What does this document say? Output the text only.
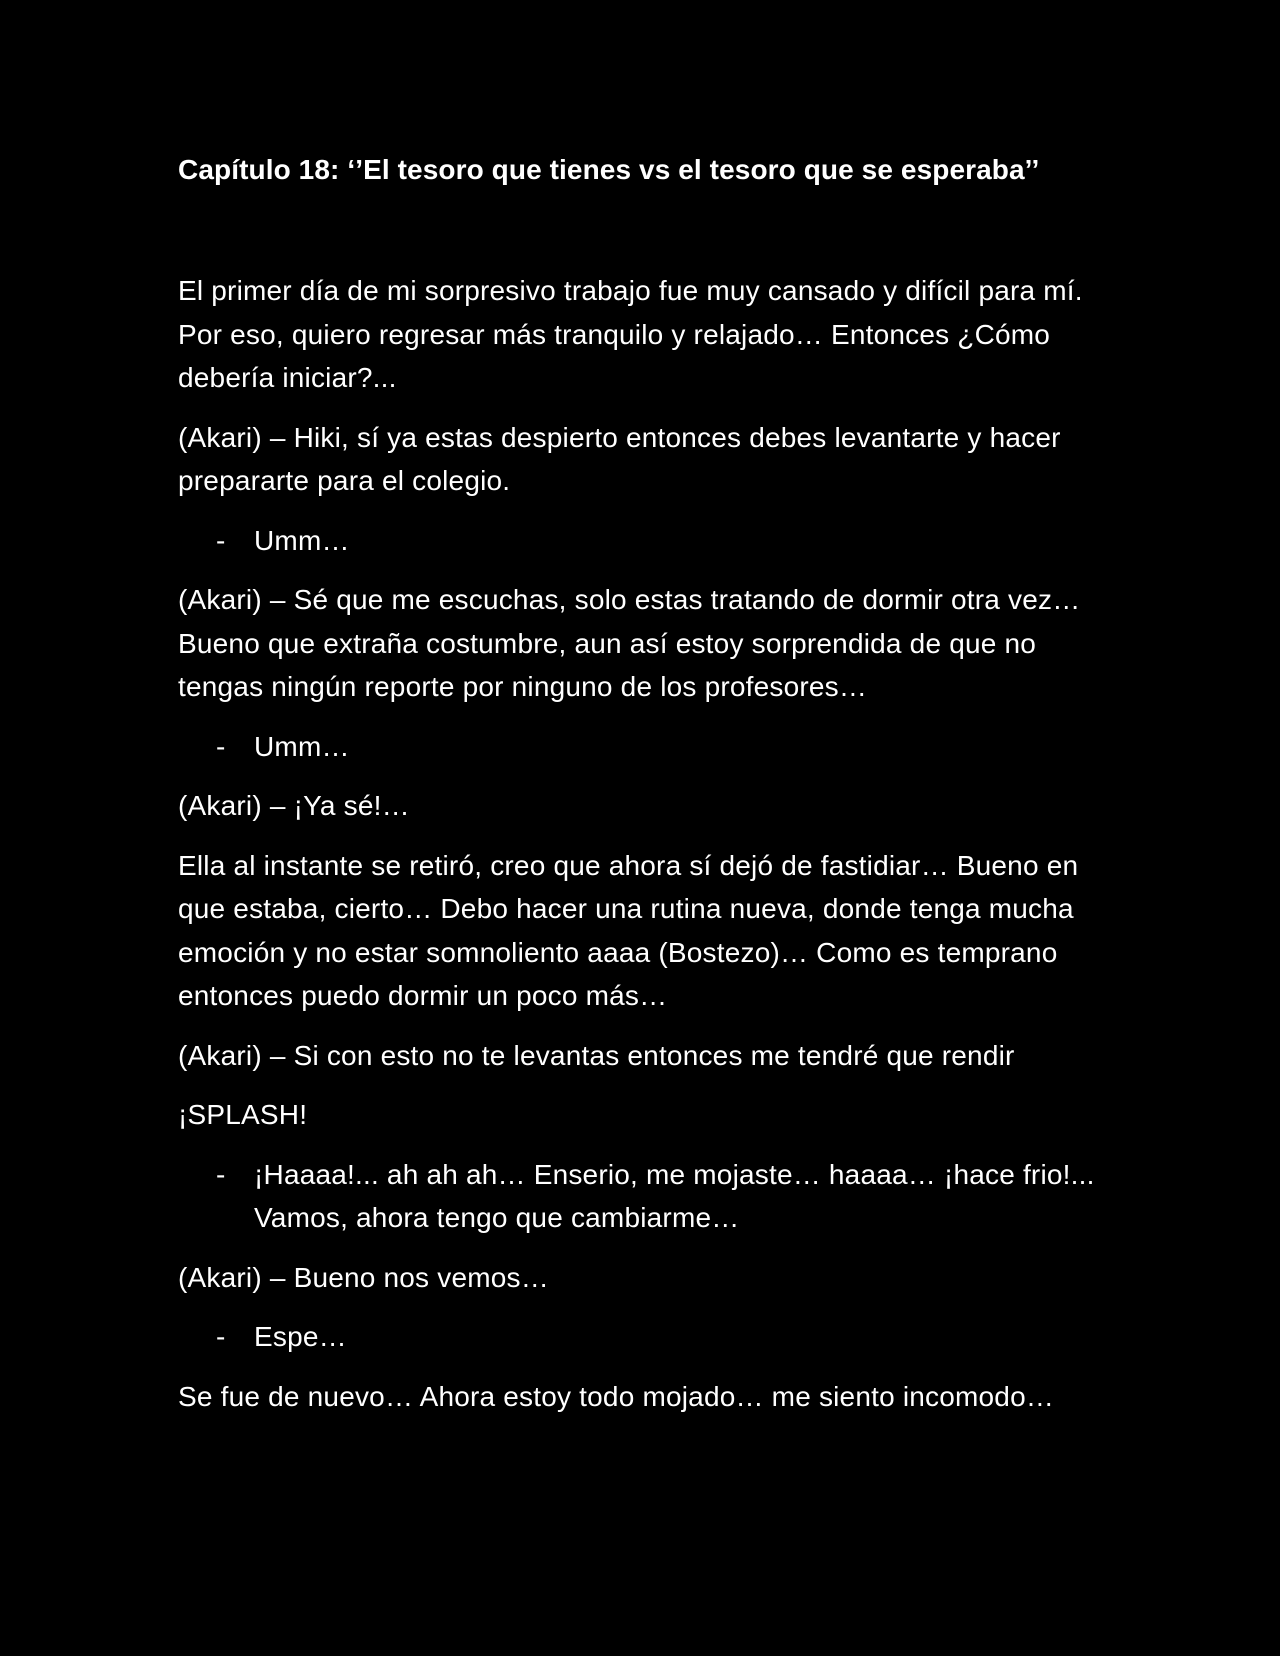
Capítulo 18: ‘’El tesoro que tienes vs el tesoro que se esperaba’’

El primer día de mi sorpresivo trabajo fue muy cansado y difícil para mí. Por eso, quiero regresar más tranquilo y relajado… Entonces ¿Cómo debería iniciar?...

(Akari) – Hiki, sí ya estas despierto entonces debes levantarte y hacer prepararte para el colegio.

-	Umm…

(Akari) – Sé que me escuchas, solo estas tratando de dormir otra vez… Bueno que extraña costumbre, aun así estoy sorprendida de que no tengas ningún reporte por ninguno de los profesores…

-	Umm…

(Akari) – ¡Ya sé!…

Ella al instante se retiró, creo que ahora sí dejó de fastidiar… Bueno en que estaba, cierto… Debo hacer una rutina nueva, donde tenga mucha emoción y no estar somnoliento aaaa (Bostezo)… Como es temprano entonces puedo dormir un poco más…

(Akari) – Si con esto no te levantas entonces me tendré que rendir

¡SPLASH!

-	¡Haaaa!... ah ah ah… Enserio, me mojaste… haaaa… ¡hace frio!... Vamos, ahora tengo que cambiarme…

(Akari) – Bueno nos vemos…

-	Espe…

Se fue de nuevo… Ahora estoy todo mojado… me siento incomodo…
